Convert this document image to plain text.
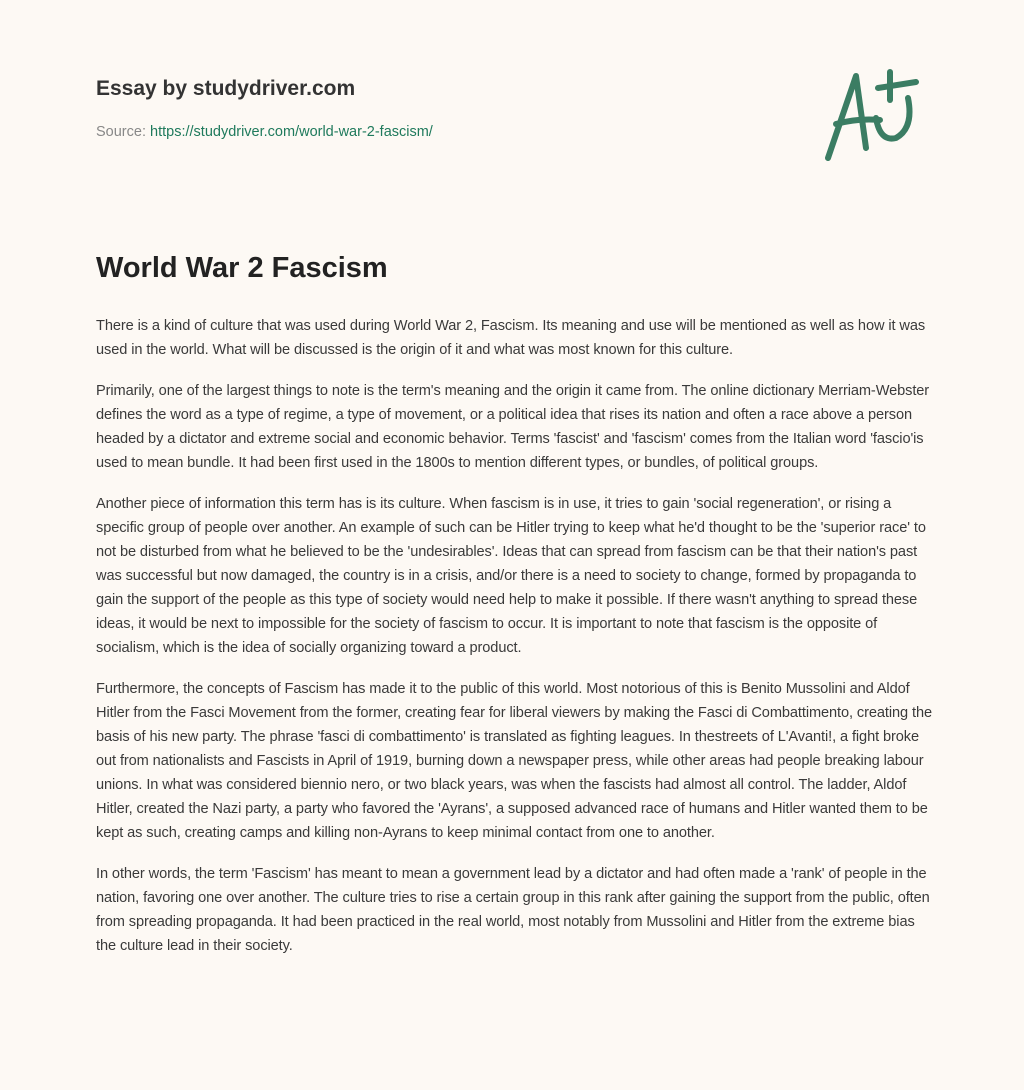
Essay by studydriver.com
Source: https://studydriver.com/world-war-2-fascism/
World War 2 Fascism

There is a kind of culture that was used during World War 2, Fascism. Its meaning and use will be mentioned as well as how it was used in the world. What will be discussed is the origin of it and what was most known for this culture.

Primarily, one of the largest things to note is the term's meaning and the origin it came from. The online dictionary Merriam-Webster defines the word as a type of regime, a type of movement, or a political idea that rises its nation and often a race above a person headed by a dictator and extreme social and economic behavior. Terms 'fascist' and 'fascism' comes from the Italian word 'fascio'is used to mean bundle. It had been first used in the 1800s to mention different types, or bundles, of political groups.

Another piece of information this term has is its culture. When fascism is in use, it tries to gain 'social regeneration', or rising a specific group of people over another. An example of such can be Hitler trying to keep what he'd thought to be the 'superior race' to not be disturbed from what he believed to be the 'undesirables'. Ideas that can spread from fascism can be that their nation's past was successful but now damaged, the country is in a crisis, and/or there is a need to society to change, formed by propaganda to gain the support of the people as this type of society would need help to make it possible. If there wasn't anything to spread these ideas, it would be next to impossible for the society of fascism to occur. It is important to note that fascism is the opposite of socialism, which is the idea of socially organizing toward a product.

Furthermore, the concepts of Fascism has made it to the public of this world. Most notorious of this is Benito Mussolini and Aldof Hitler from the Fasci Movement from the former, creating fear for liberal viewers by making the Fasci di Combattimento, creating the basis of his new party. The phrase 'fasci di combattimento' is translated as fighting leagues. In thestreets of L'Avanti!, a fight broke out from nationalists and Fascists in April of 1919, burning down a newspaper press, while other areas had people breaking labour unions. In what was considered biennio nero, or two black years, was when the fascists had almost all control. The ladder, Aldof Hitler, created the Nazi party, a party who favored the 'Ayrans', a supposed advanced race of humans and Hitler wanted them to be kept as such, creating camps and killing non-Ayrans to keep minimal contact from one to another.

In other words, the term 'Fascism' has meant to mean a government lead by a dictator and had often made a 'rank' of people in the nation, favoring one over another. The culture tries to rise a certain group in this rank after gaining the support from the public, often from spreading propaganda. It had been practiced in the real world, most notably from Mussolini and Hitler from the extreme bias the culture lead in their society.
